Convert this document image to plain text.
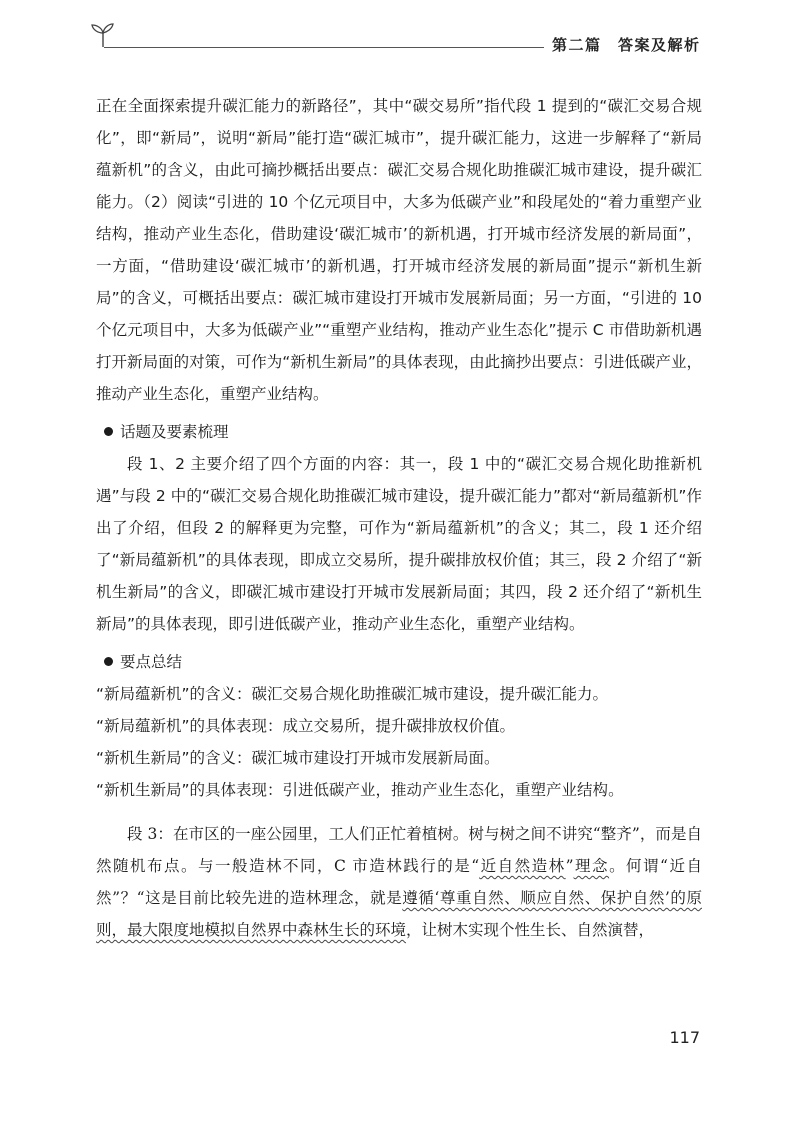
第二篇　答案及解析

正在全面探索提升碳汇能力的新路径”，其中“碳交易所”指代段 1 提到的“碳汇交易合规化”，即“新局”，说明“新局”能打造“碳汇城市”，提升碳汇能力，这进一步解释了“新局蕴新机”的含义，由此可摘抄概括出要点：碳汇交易合规化助推碳汇城市建设，提升碳汇能力。（2）阅读“引进的 10 个亿元项目中，大多为低碳产业”和段尾处的“着力重塑产业结构，推动产业生态化，借助建设‘碳汇城市’的新机遇，打开城市经济发展的新局面”，一方面，“借助建设‘碳汇城市’的新机遇，打开城市经济发展的新局面”提示“新机生新局”的含义，可概括出要点：碳汇城市建设打开城市发展新局面；另一方面，“引进的 10 个亿元项目中，大多为低碳产业”“重塑产业结构，推动产业生态化”提示 C 市借助新机遇打开新局面的对策，可作为“新机生新局”的具体表现，由此摘抄出要点：引进低碳产业，推动产业生态化，重塑产业结构。

话题及要素梳理

段 1、2 主要介绍了四个方面的内容：其一，段 1 中的“碳汇交易合规化助推新机遇”与段 2 中的“碳汇交易合规化助推碳汇城市建设，提升碳汇能力”都对“新局蕴新机”作出了介绍，但段 2 的解释更为完整，可作为“新局蕴新机”的含义；其二，段 1 还介绍了“新局蕴新机”的具体表现，即成立交易所，提升碳排放权价值；其三，段 2 介绍了“新机生新局”的含义，即碳汇城市建设打开城市发展新局面；其四，段 2 还介绍了“新机生新局”的具体表现，即引进低碳产业，推动产业生态化，重塑产业结构。

要点总结

“新局蕴新机”的含义：碳汇交易合规化助推碳汇城市建设，提升碳汇能力。

“新局蕴新机”的具体表现：成立交易所，提升碳排放权价值。

“新机生新局”的含义：碳汇城市建设打开城市发展新局面。

“新机生新局”的具体表现：引进低碳产业，推动产业生态化，重塑产业结构。

段 3：在市区的一座公园里，工人们正忙着植树。树与树之间不讲究“整齐”，而是自然随机布点。与一般造林不同，C 市造林践行的是“近自然造林”理念。何谓“近自然”？“这是目前比较先进的造林理念，就是遵循‘尊重自然、顺应自然、保护自然’的原则，最大限度地模拟自然界中森林生长的环境，让树木实现个性生长、自然演替，

117
